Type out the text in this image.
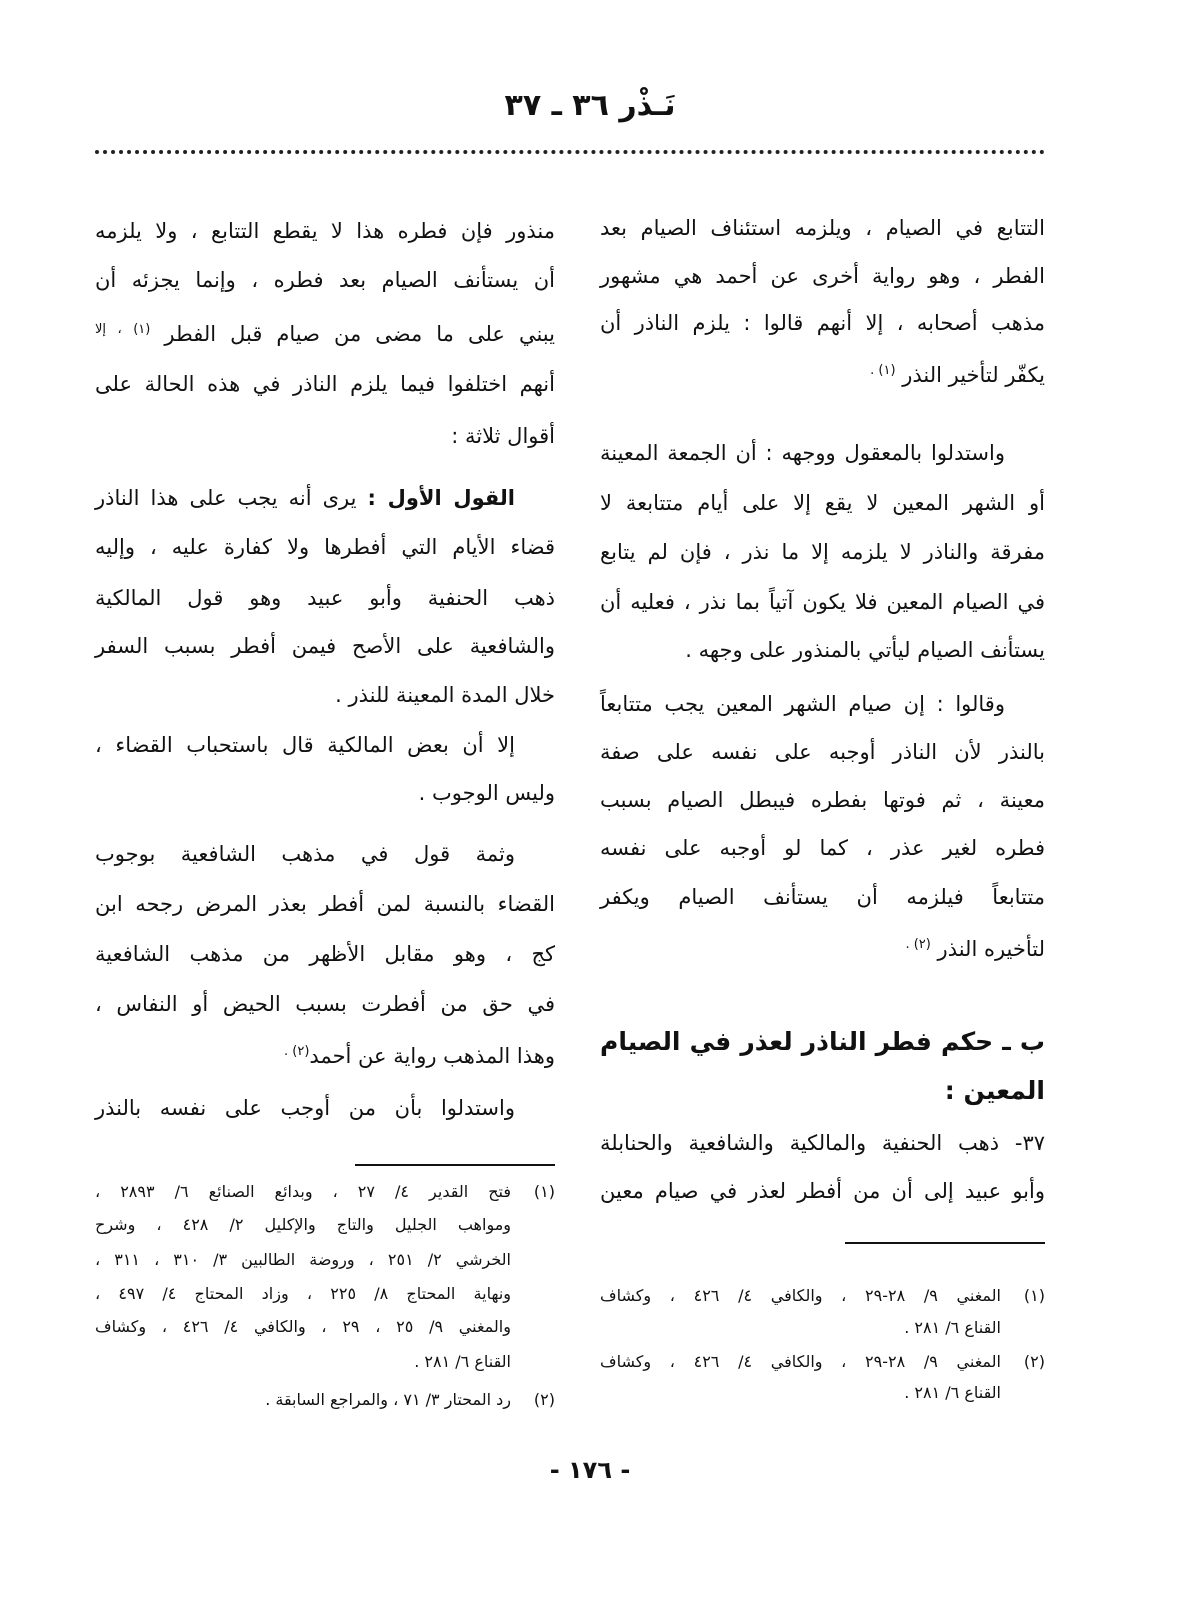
نَـذْر ٣٦ ـ ٣٧
التتابع في الصيام ، ويلزمه استئناف الصيام بعد
الفطر ، وهو رواية أخرى عن أحمد هي مشهور
مذهب أصحابه ، إلا أنهم قالوا : يلزم الناذر أن
يكفّر لتأخير النذر $^{(١) .}$
واستدلوا بالمعقول ووجهه : أن الجمعة المعينة
أو الشهر المعين لا يقع إلا على أيام متتابعة لا
مفرقة والناذر لا يلزمه إلا ما نذر ، فإن لم يتابع
في الصيام المعين فلا يكون آتياً بما نذر ، فعليه أن
يستأنف الصيام ليأتي بالمنذور على وجهه .
وقالوا : إن صيام الشهر المعين يجب متتابعاً
بالنذر لأن الناذر أوجبه على نفسه على صفة
معينة ، ثم فوتها بفطره فيبطل الصيام بسبب
فطره لغير عذر ، كما لو أوجبه على نفسه
متتابعاً فيلزمه أن يستأنف الصيام ويكفر
لتأخيره النذر $^{(٢) .}$
ب ـ حكم فطر الناذر لعذر في الصيام
المعين :
٣٧- ذهب الحنفية والمالكية والشافعية والحنابلة
وأبو عبيد إلى أن من أفطر لعذر في صيام معين
(١)المغني ٩/ ٢٨-٢٩ ، والكافي ٤/ ٤٢٦ ، وكشاف
القناع ٦/ ٢٨١ .
(٢)المغني ٩/ ٢٨-٢٩ ، والكافي ٤/ ٤٢٦ ، وكشاف
القناع ٦/ ٢٨١ .
منذور فإن فطره هذا لا يقطع التتابع ، ولا يلزمه
أن يستأنف الصيام بعد فطره ، وإنما يجزئه أن
يبني على ما مضى من صيام قبل الفطر $^{(١) ، إلا}$
أنهم اختلفوا فيما يلزم الناذر في هذه الحالة على
أقوال ثلاثة :
القول الأول : يرى أنه يجب على هذا الناذر
قضاء الأيام التي أفطرها ولا كفارة عليه ، وإليه
ذهب الحنفية وأبو عبيد وهو قول المالكية
والشافعية على الأصح فيمن أفطر بسبب السفر
خلال المدة المعينة للنذر .
إلا أن بعض المالكية قال باستحباب القضاء ،
وليس الوجوب .
وثمة قول في مذهب الشافعية بوجوب
القضاء بالنسبة لمن أفطر بعذر المرض رجحه ابن
كج ، وهو مقابل الأظهر من مذهب الشافعية
في حق من أفطرت بسبب الحيض أو النفاس ،
وهذا المذهب رواية عن أحمد$^{(٢) .}$
واستدلوا بأن من أوجب على نفسه بالنذر
(١)فتح القدير ٤/ ٢٧ ، وبدائع الصنائع ٦/ ٢٨٩٣ ،
ومواهب الجليل والتاج والإكليل ٢/ ٤٢٨ ، وشرح
الخرشي ٢/ ٢٥١ ، وروضة الطالبين ٣/ ٣١٠ ، ٣١١ ،
ونهاية المحتاج ٨/ ٢٢٥ ، وزاد المحتاج ٤/ ٤٩٧ ،
والمغني ٩/ ٢٥ ، ٢٩ ، والكافي ٤/ ٤٢٦ ، وكشاف
القناع ٦/ ٢٨١ .
(٢)رد المحتار ٣/ ٧١ ، والمراجع السابقة .
- ١٧٦ -
